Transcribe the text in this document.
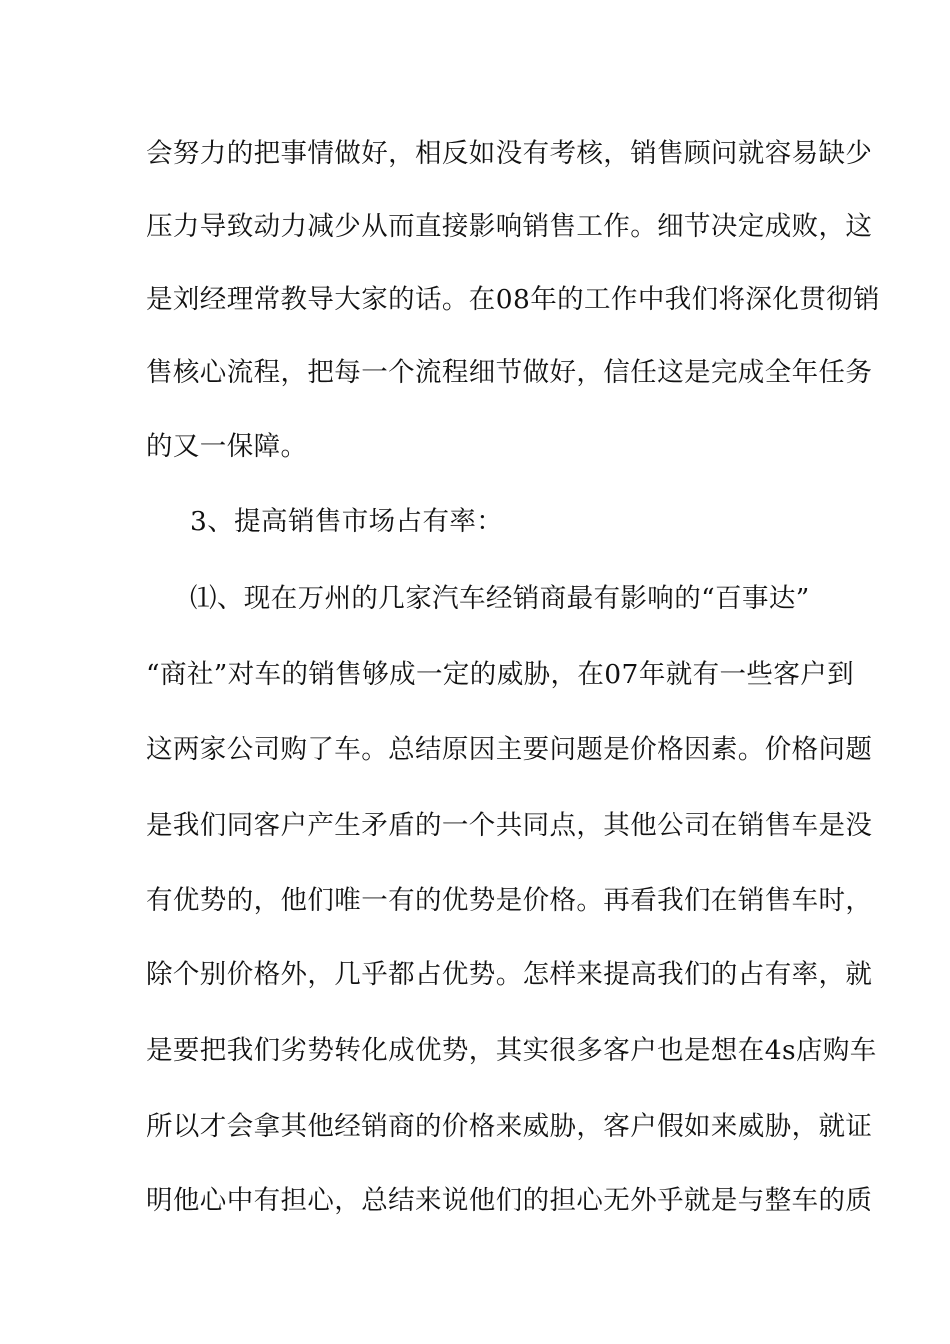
会努力的把事情做好，相反如没有考核，销售顾问就容易缺少
压力导致动力减少从而直接影响销售工作。细节决定成败，这
是刘经理常教导大家的话。在08年的工作中我们将深化贯彻销
售核心流程，把每一个流程细节做好，信任这是完成全年任务
的又一保障。
3、提高销售市场占有率：
⑴、现在万州的几家汽车经销商最有影响的“百事达”
“商社”对车的销售够成一定的威胁，在07年就有一些客户到
这两家公司购了车。总结原因主要问题是价格因素。价格问题
是我们同客户产生矛盾的一个共同点，其他公司在销售车是没
有优势的，他们唯一有的优势是价格。再看我们在销售车时，
除个别价格外，几乎都占优势。怎样来提高我们的占有率，就
是要把我们劣势转化成优势，其实很多客户也是想在4s店购车
所以才会拿其他经销商的价格来威胁，客户假如来威胁，就证
明他心中有担心，总结来说他们的担心无外乎就是与整车的质
